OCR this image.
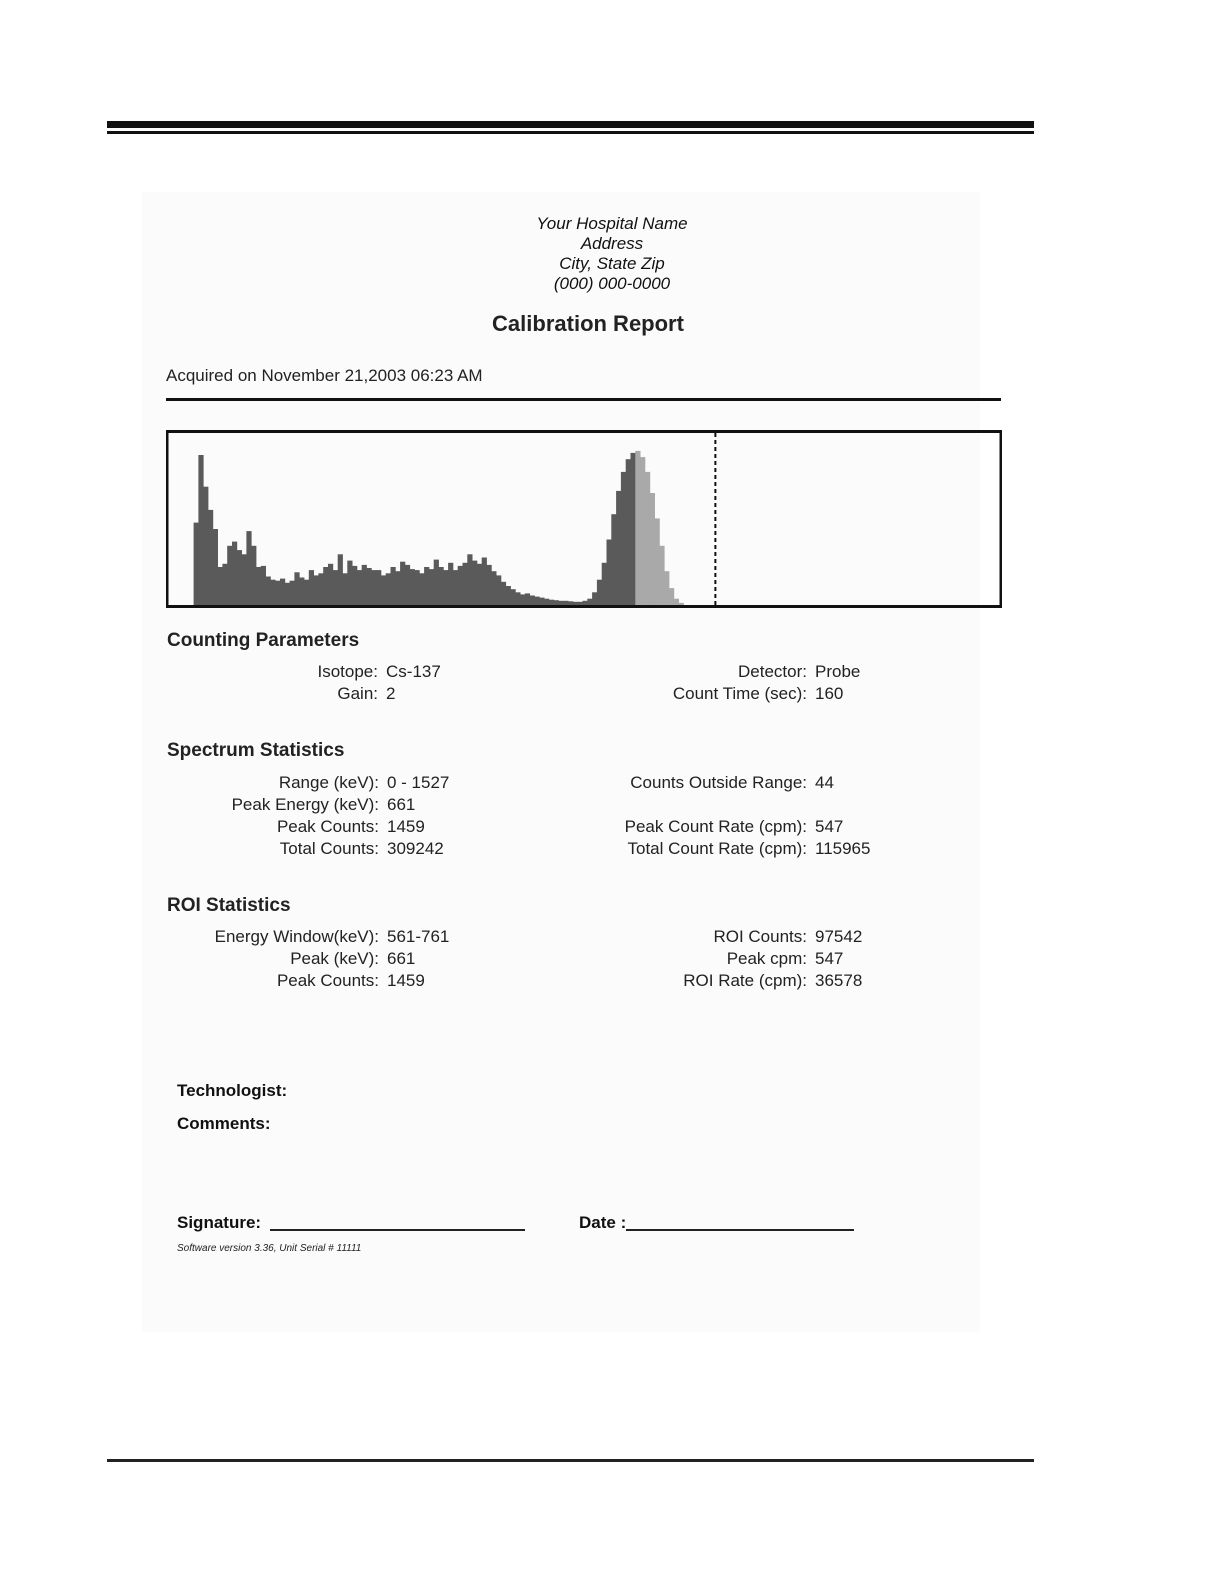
Your Hospital Name
Address
City, State Zip
(000) 000-0000
Calibration Report
Acquired on November 21,2003 06:23 AM
Counting Parameters
Isotope: Cs-137
Gain: 2
Detector: Probe
Count Time (sec): 160
Spectrum Statistics
Range (keV): 0 - 1527
Peak Energy (keV): 661
Peak Counts: 1459
Total Counts: 309242
Counts Outside Range: 44
Peak Count Rate (cpm): 547
Total Count Rate (cpm): 115965
ROI Statistics
Energy Window(keV): 561-761
Peak (keV): 661
Peak Counts: 1459
ROI Counts: 97542
Peak cpm: 547
ROI Rate (cpm): 36578
Technologist:
Comments:
Signature:	Date :
Software version 3.36, Unit Serial # 11111
